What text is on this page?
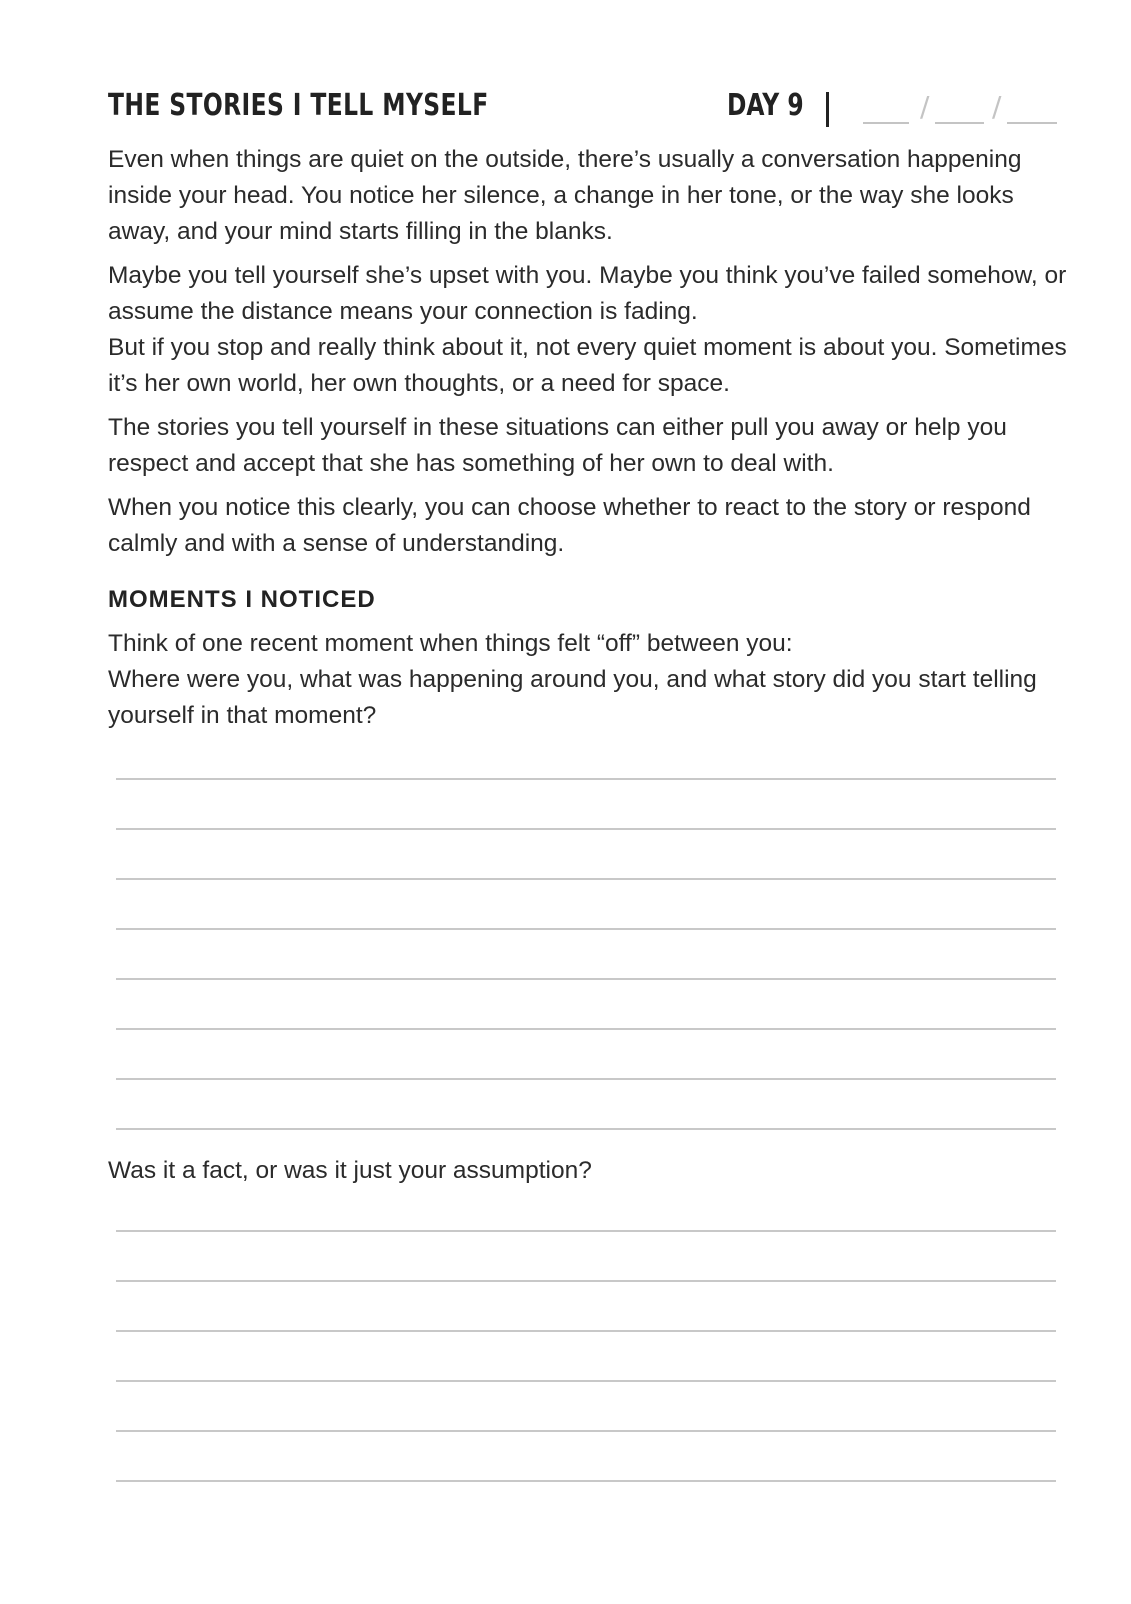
THE STORIES I TELL MYSELF	DAY 9	/ /

Even when things are quiet on the outside, there’s usually a conversation happening inside your head. You notice her silence, a change in her tone, or the way she looks away, and your mind starts filling in the blanks.

Maybe you tell yourself she’s upset with you. Maybe you think you’ve failed somehow, or assume the distance means your connection is fading.
But if you stop and really think about it, not every quiet moment is about you. Sometimes it’s her own world, her own thoughts, or a need for space.

The stories you tell yourself in these situations can either pull you away or help you respect and accept that she has something of her own to deal with.

When you notice this clearly, you can choose whether to react to the story or respond calmly and with a sense of understanding.

MOMENTS I NOTICED
Think of one recent moment when things felt “off” between you:
Where were you, what was happening around you, and what story did you start telling yourself in that moment?
Was it a fact, or was it just your assumption?
